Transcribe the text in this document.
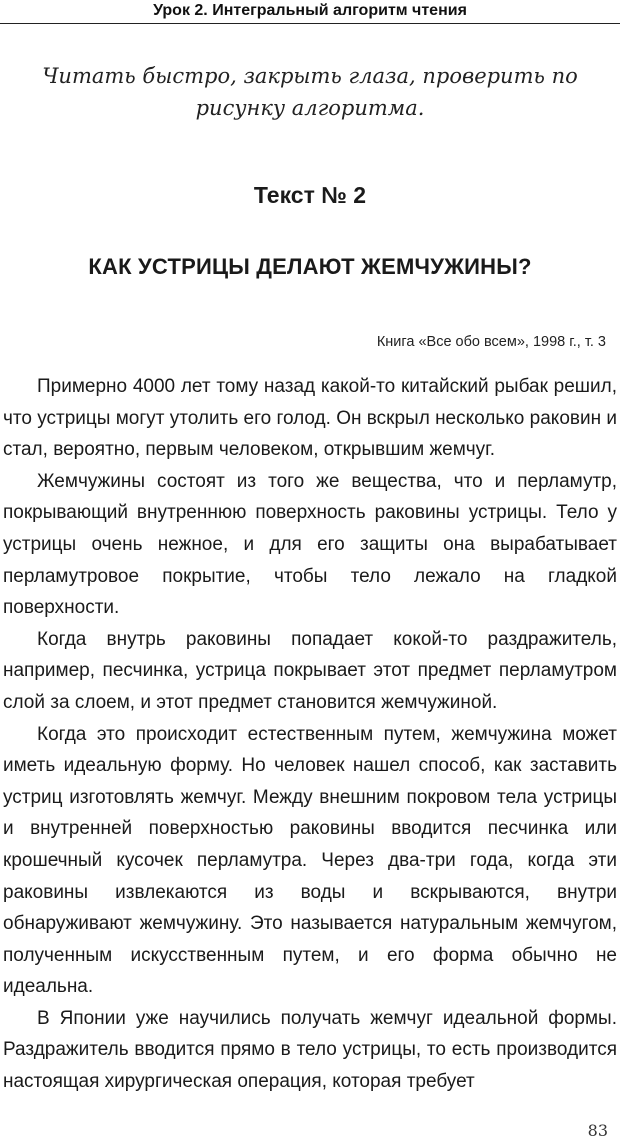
Урок 2. Интегральный алгоритм чтения
Читать быстро, закрыть глаза, проверить по рисунку алгоритма.
Текст № 2
КАК УСТРИЦЫ ДЕЛАЮТ ЖЕМЧУЖИНЫ?
Книга «Все обо всем», 1998 г., т. 3

Примерно 4000 лет тому назад какой-то китайский рыбак решил, что устрицы могут утолить его голод. Он вскрыл несколько раковин и стал, вероятно, первым человеком, открывшим жемчуг.

Жемчужины состоят из того же вещества, что и перламутр, покрывающий внутреннюю поверхность раковины устрицы. Тело у устрицы очень нежное, и для его защиты она вырабатывает перламутровое покрытие, чтобы тело лежало на гладкой поверхности.

Когда внутрь раковины попадает кокой-то раздражитель, например, песчинка, устрица покрывает этот предмет перламутром слой за слоем, и этот предмет становится жемчужиной.

Когда это происходит естественным путем, жемчужина может иметь идеальную форму. Но человек нашел способ, как заставить устриц изготовлять жемчуг. Между внешним покровом тела устрицы и внутренней поверхностью раковины вводится песчинка или крошечный кусочек перламутра. Через два-три года, когда эти раковины извлекаются из воды и вскрываются, внутри обнаруживают жемчужину. Это называется натуральным жемчугом, полученным искусственным путем, и его форма обычно не идеальна.

В Японии уже научились получать жемчуг идеальной формы. Раздражитель вводится прямо в тело устрицы, то есть производится настоящая хирургическая операция, которая требует

83
